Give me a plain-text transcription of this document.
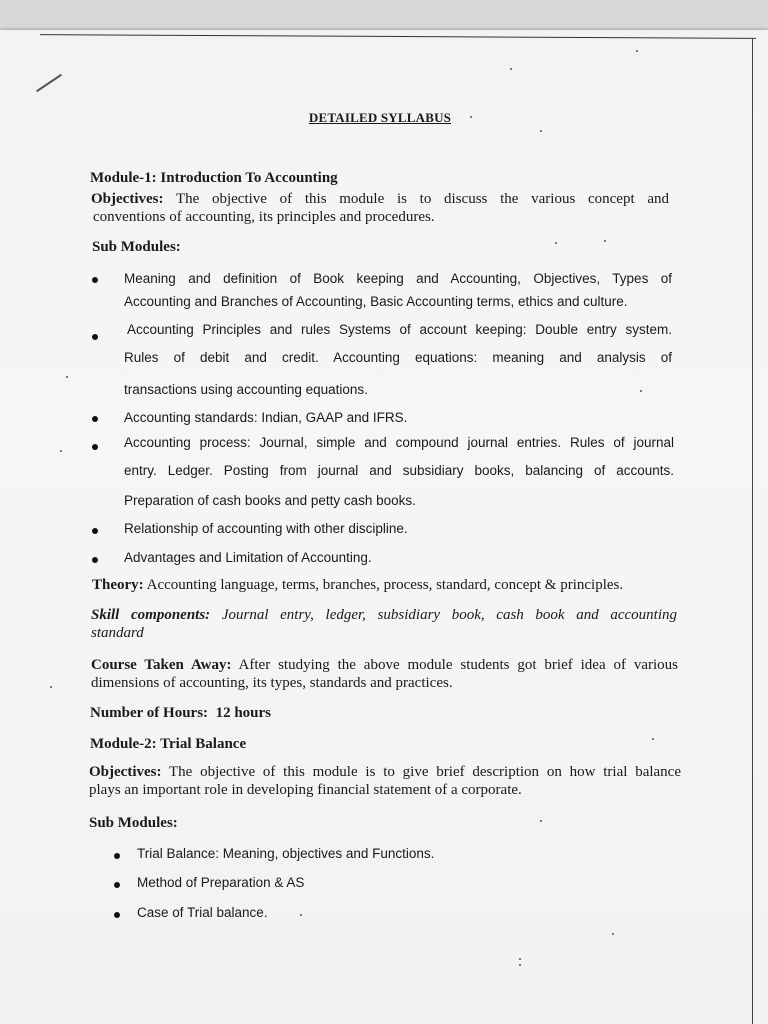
DETAILED SYLLABUS
Module-1: Introduction To Accounting
Objectives: The objective of this module is to discuss the various concept and
conventions of accounting, its principles and procedures.
Sub Modules:
Meaning and definition of Book keeping and Accounting, Objectives, Types of
Accounting and Branches of Accounting, Basic Accounting terms, ethics and culture.
Accounting Principles and rules Systems of account keeping: Double entry system.
Rules of debit and credit. Accounting equations: meaning and analysis of
transactions using accounting equations.
Accounting standards: Indian, GAAP and IFRS.
Accounting process: Journal, simple and compound journal entries. Rules of journal
entry. Ledger. Posting from journal and subsidiary books, balancing of accounts.
Preparation of cash books and petty cash books.
Relationship of accounting with other discipline.
Advantages and Limitation of Accounting.
Theory: Accounting language, terms, branches, process, standard, concept & principles.
Skill components: Journal entry, ledger, subsidiary book, cash book and accounting
standard
Course Taken Away: After studying the above module students got brief idea of various
dimensions of accounting, its types, standards and practices.
Number of Hours: 12 hours
Module-2: Trial Balance
Objectives: The objective of this module is to give brief description on how trial balance
plays an important role in developing financial statement of a corporate.
Sub Modules:
Trial Balance: Meaning, objectives and Functions.
Method of Preparation & AS
Case of Trial balance.
